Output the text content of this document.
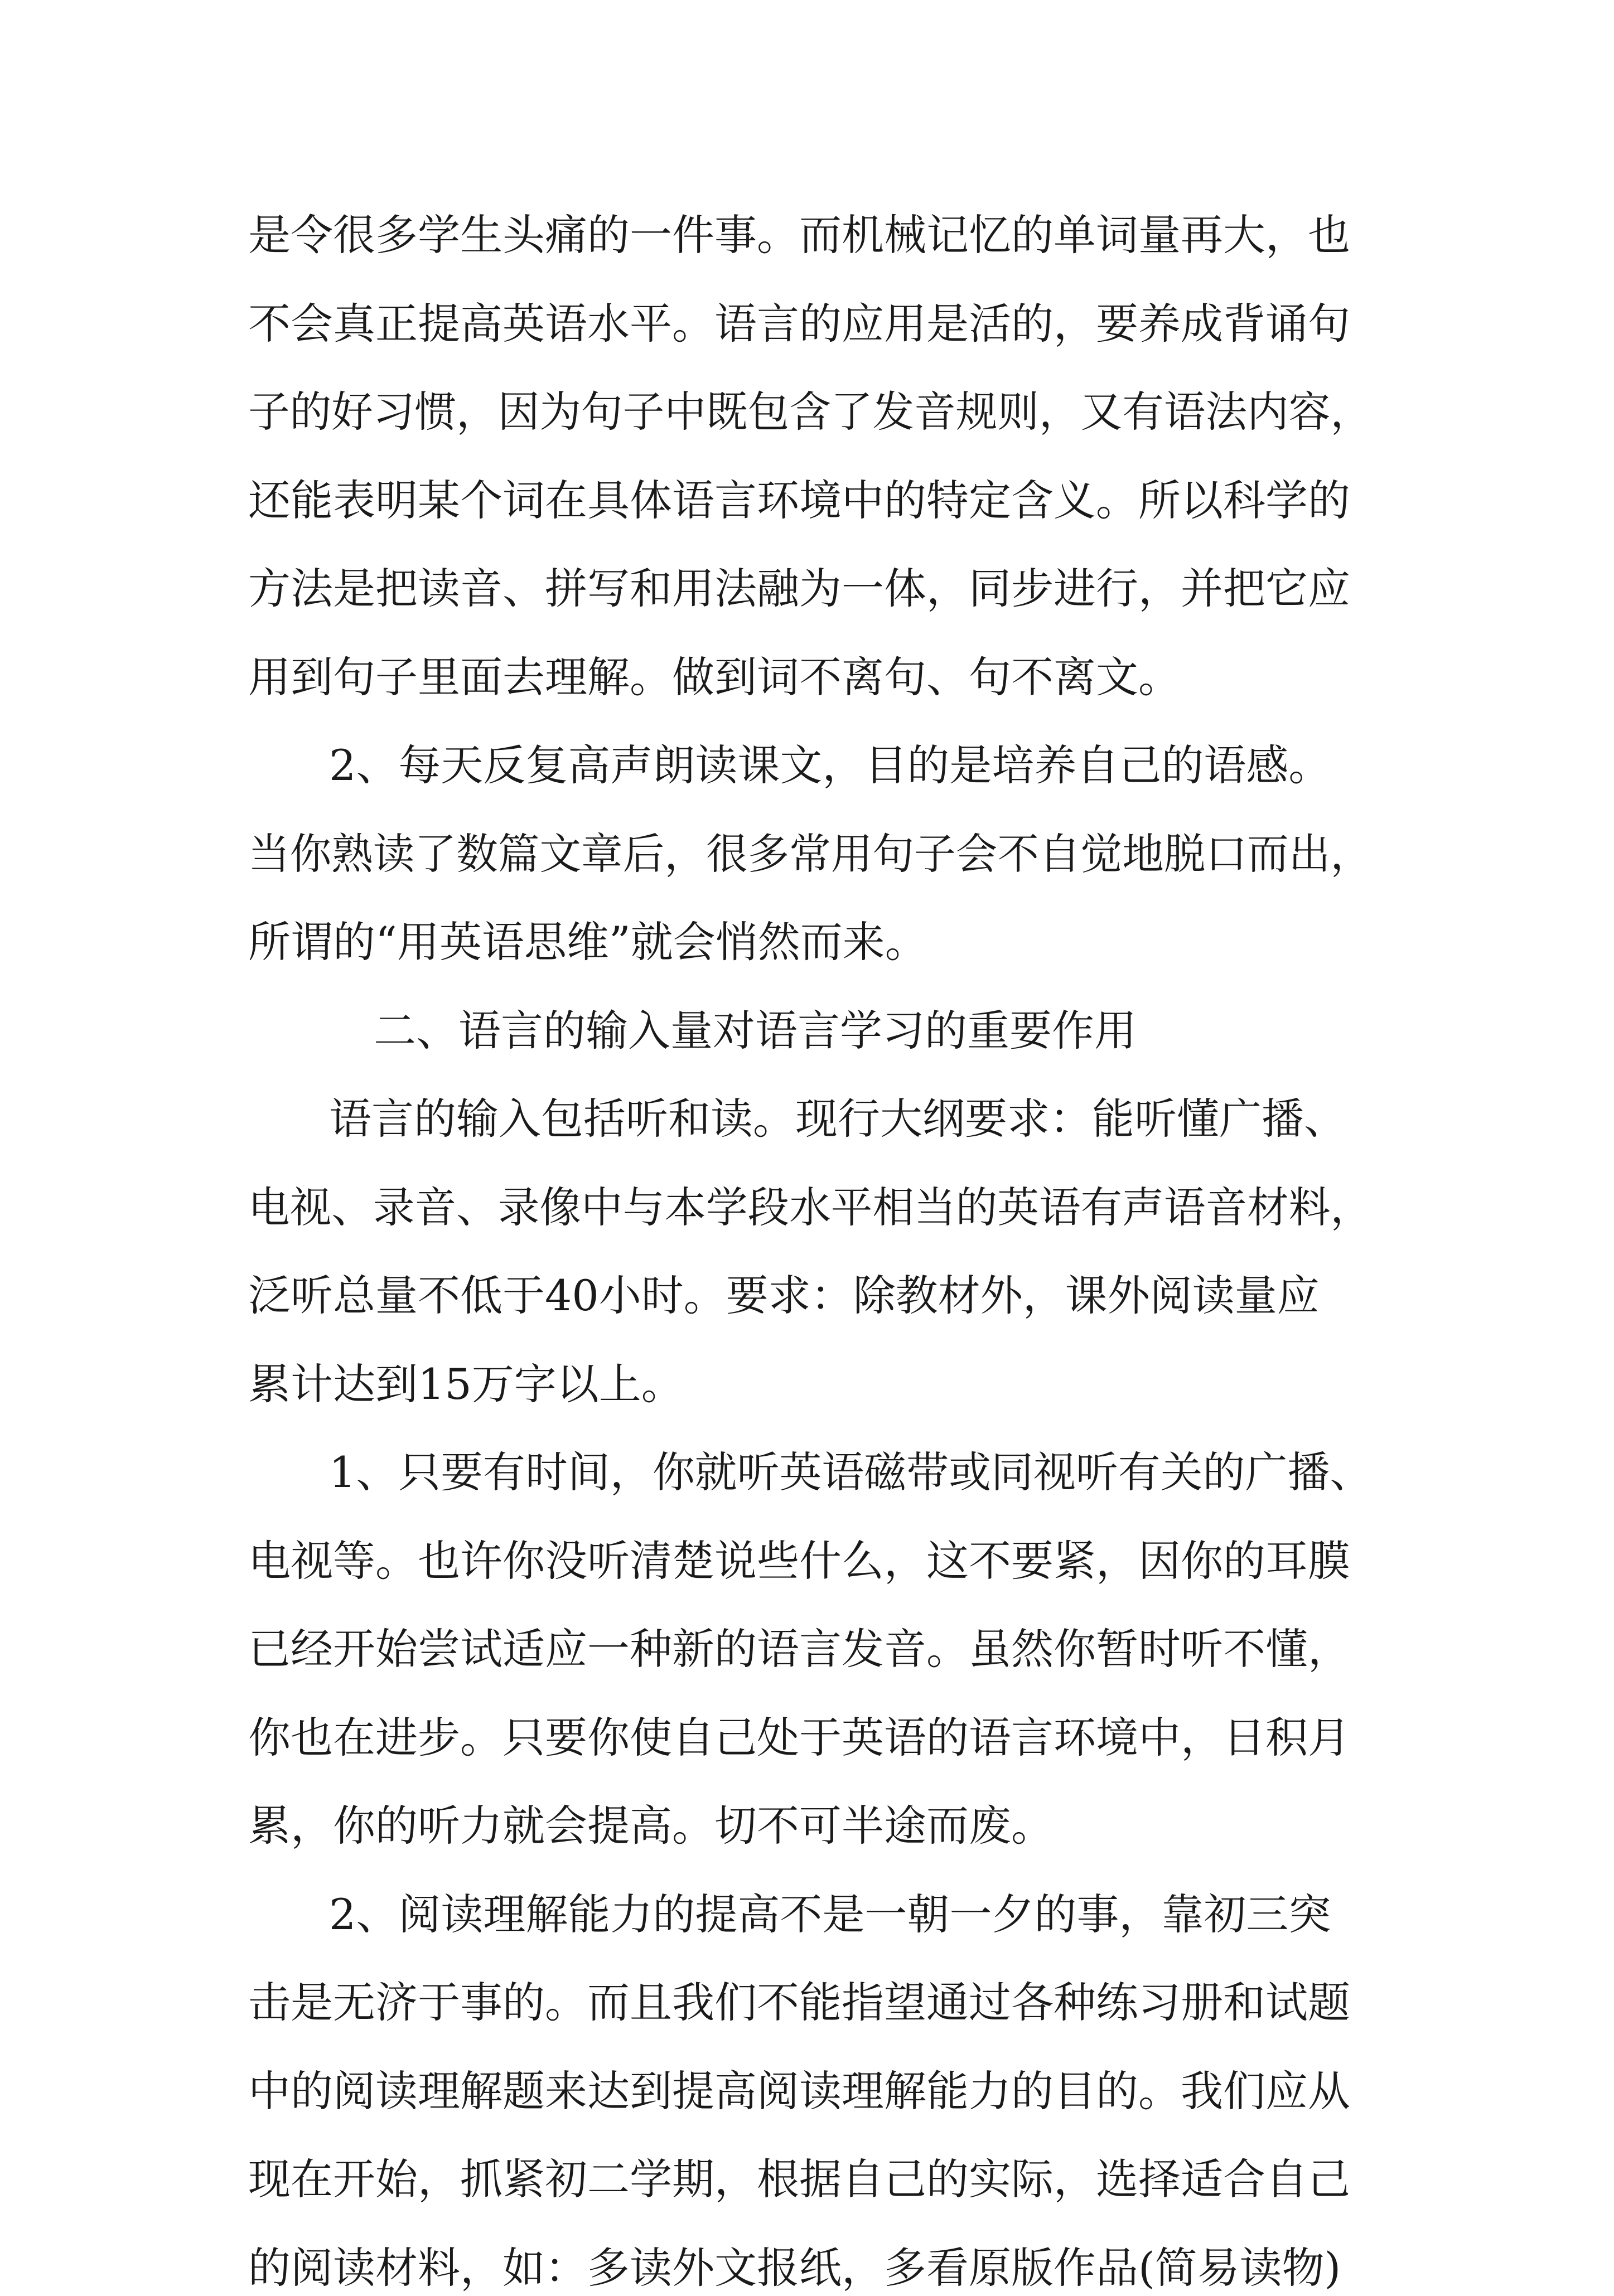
是令很多学生头痛的一件事。而机械记忆的单词量再大，也
不会真正提高英语水平。语言的应用是活的，要养成背诵句
子的好习惯，因为句子中既包含了发音规则，又有语法内容，
还能表明某个词在具体语言环境中的特定含义。所以科学的
方法是把读音、拼写和用法融为一体，同步进行，并把它应
用到句子里面去理解。做到词不离句、句不离文。
2、每天反复高声朗读课文，目的是培养自己的语感。
当你熟读了数篇文章后，很多常用句子会不自觉地脱口而出，
所谓的“用英语思维”就会悄然而来。
二、语言的输入量对语言学习的重要作用
语言的输入包括听和读。现行大纲要求：能听懂广播、
电视、录音、录像中与本学段水平相当的英语有声语音材料，
泛听总量不低于40小时。要求：除教材外，课外阅读量应
累计达到15万字以上。
1、只要有时间，你就听英语磁带或同视听有关的广播、
电视等。也许你没听清楚说些什么，这不要紧，因你的耳膜
已经开始尝试适应一种新的语言发音。虽然你暂时听不懂，
你也在进步。只要你使自己处于英语的语言环境中，日积月
累，你的听力就会提高。切不可半途而废。
2、阅读理解能力的提高不是一朝一夕的事，靠初三突
击是无济于事的。而且我们不能指望通过各种练习册和试题
中的阅读理解题来达到提高阅读理解能力的目的。我们应从
现在开始，抓紧初二学期，根据自己的实际，选择适合自己
的阅读材料，如：多读外文报纸，多看原版作品(简易读物)
